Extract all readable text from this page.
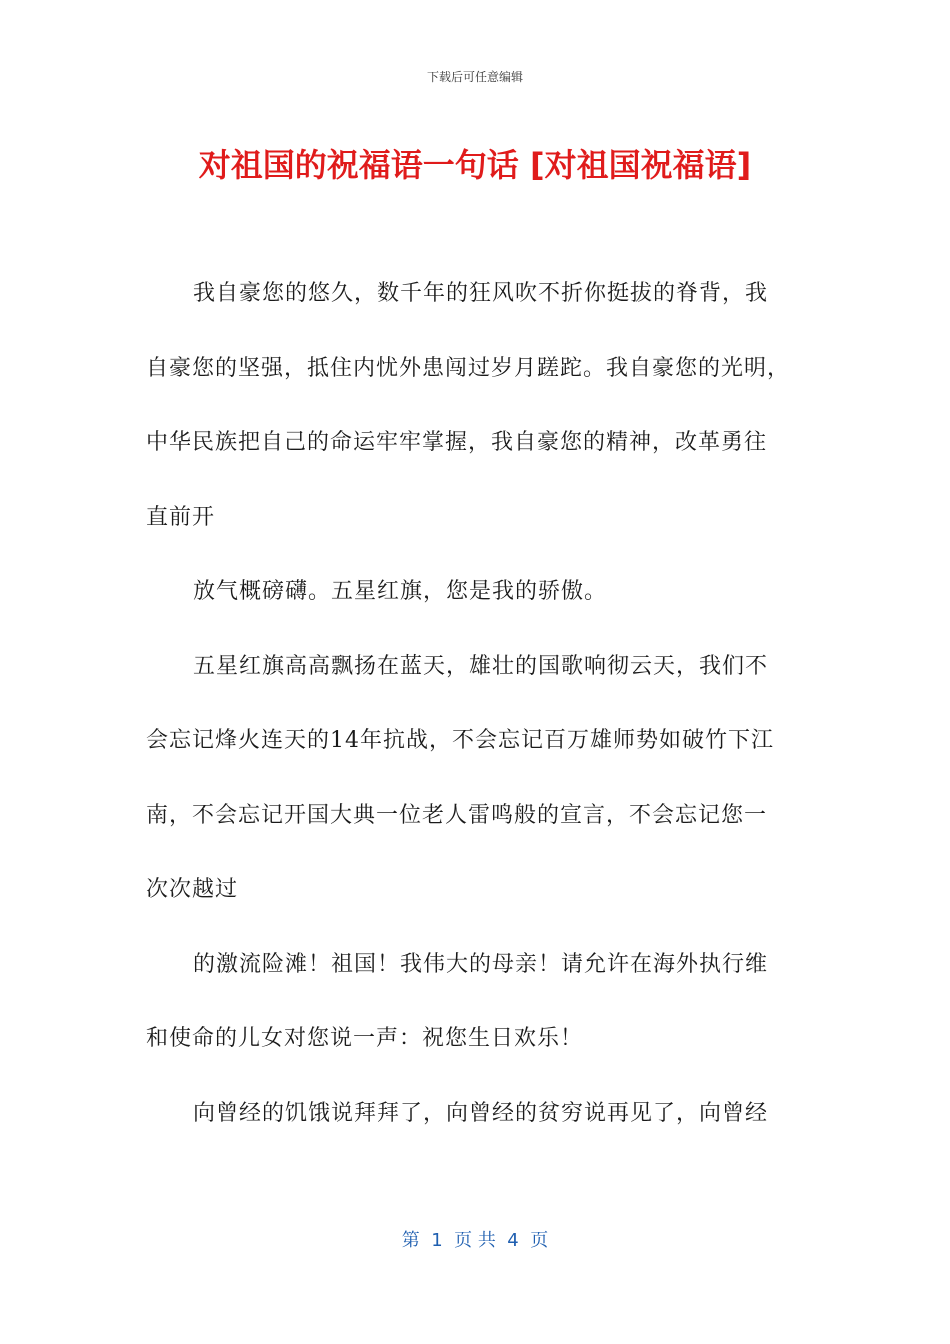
下载后可任意编辑
对祖国的祝福语一句话 [对祖国祝福语]
我自豪您的悠久，数千年的狂风吹不折你挺拔的脊背，我
自豪您的坚强，抵住内忧外患闯过岁月蹉跎。我自豪您的光明，
中华民族把自己的命运牢牢掌握，我自豪您的精神，改革勇往
直前开
放气概磅礴。五星红旗，您是我的骄傲。
五星红旗高高飘扬在蓝天，雄壮的国歌响彻云天，我们不
会忘记烽火连天的14年抗战，不会忘记百万雄师势如破竹下江
南，不会忘记开国大典一位老人雷鸣般的宣言，不会忘记您一
次次越过
的激流险滩！祖国！我伟大的母亲！请允许在海外执行维
和使命的儿女对您说一声：祝您生日欢乐！
向曾经的饥饿说拜拜了，向曾经的贫穷说再见了，向曾经
第  1  页 共  4  页
